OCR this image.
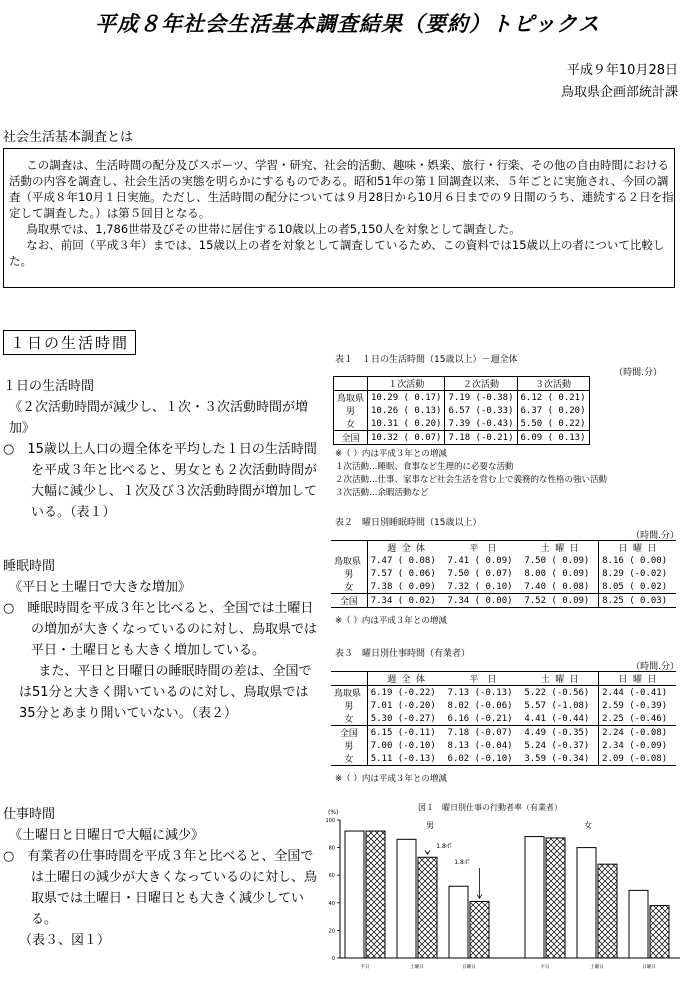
平成８年社会生活基本調査結果（要約）トピックス
平成９年10月28日
鳥取県企画部統計課
社会生活基本調査とは

この調査は、生活時間の配分及びスポーツ、学習・研究、社会的活動、趣味・娯楽、旅行・行楽、その他の自由時間における活動の内容を調査し、社会生活の実態を明らかにするものである。昭和51年の第１回調査以来、５年ごとに実施され、今回の調査（平成８年10月１日実施。ただし、生活時間の配分については９月28日から10月６日までの９日間のうち、連続する２日を指定して調査した。）は第５回目となる。

鳥取県では、1,786世帯及びその世帯に居住する10歳以上の者5,150人を対象として調査した。

なお、前回（平成３年）までは、15歳以上の者を対象として調査しているため、この資料では15歳以上の者について比較した。

１日の生活時間

１日の生活時間

《２次活動時間が減少し、１次・３次活動時間が増加》

○　15歳以上人口の週全体を平均した１日の生活時間を平成３年と比べると、男女とも２次活動時間が大幅に減少し、１次及び３次活動時間が増加している。（表１）

睡眠時間

《平日と土曜日で大きな増加》

○　睡眠時間を平成３年と比べると、全国では土曜日の増加が大きくなっているのに対し、鳥取県では平日・土曜日とも大きく増加している。

また、平日と日曜日の睡眠時間の差は、全国では51分と大きく開いているのに対し、鳥取県では35分とあまり開いていない。（表２）

仕事時間

《土曜日と日曜日で大幅に減少》

○　有業者の仕事時間を平成３年と比べると、全国では土曜日の減少が大きくなっているのに対し、鳥取県では土曜日・日曜日とも大きく減少している。

（表３、図１）

表１　１日の生活時間（15歳以上）－週全体
（時間.分）
	１次活動	２次活動	３次活動
鳥取県	10.29 ( 0.17)	7.19 (-0.38)	6.12 ( 0.21)
男	10.26 ( 0.13)	6.57 (-0.33)	6.37 ( 0.20)
女	10.31 ( 0.20)	7.39 (-0.43)	5.50 ( 0.22)
全国	10.32 ( 0.07)	7.18 (-0.21)	6.09 ( 0.13)
※（ ）内は平成３年との増減
１次活動…睡眠、食事など生理的に必要な活動
２次活動…仕事、家事など社会生活を営む上で義務的な性格の強い活動
３次活動…余暇活動など
表２　曜日別睡眠時間（15歳以上）
（時間.分）
	週 全 体	平　日	土 曜 日	日 曜 日
鳥取県	7.47 ( 0.08)	7.41 ( 0.09)	7.50 ( 0.09)	8.16 ( 0.00)
男	7.57 ( 0.06)	7.50 ( 0.07)	8.00 ( 0.09)	8.29 (-0.02)
女	7.38 ( 0.09)	7.32 ( 0.10)	7.40 ( 0.08)	8.05 ( 0.02)
全国	7.34 ( 0.02)	7.34 ( 0.00)	7.52 ( 0.09)	8.25 ( 0.03)
※（ ）内は平成３年との増減
表３　曜日別仕事時間（有業者）
（時間.分）
	週 全 体	平　日	土 曜 日	日 曜 日
鳥取県	6.19 (-0.22)	7.13 (-0.13)	5.22 (-0.56)	2.44 (-0.41)
男	7.01 (-0.20)	8.02 (-0.06)	5.57 (-1.08)	2.59 (-0.39)
女	5.30 (-0.27)	6.16 (-0.21)	4.41 (-0.44)	2.25 (-0.46)
全国	6.15 (-0.11)	7.18 (-0.07)	4.49 (-0.35)	2.24 (-0.08)
男	7.00 (-0.10)	8.13 (-0.04)	5.24 (-0.37)	2.34 (-0.09)
女	5.11 (-0.13)	6.02 (-0.10)	3.59 (-0.34)	2.09 (-0.08)
※（ ）内は平成３年との増減
図１　曜日別仕事の行動者率（有業者）
(%)
男	女
1.8ポ
1.8ポ
0
20
40
60
80
100
平日	土曜日	日曜日	平日	土曜日	日曜日
